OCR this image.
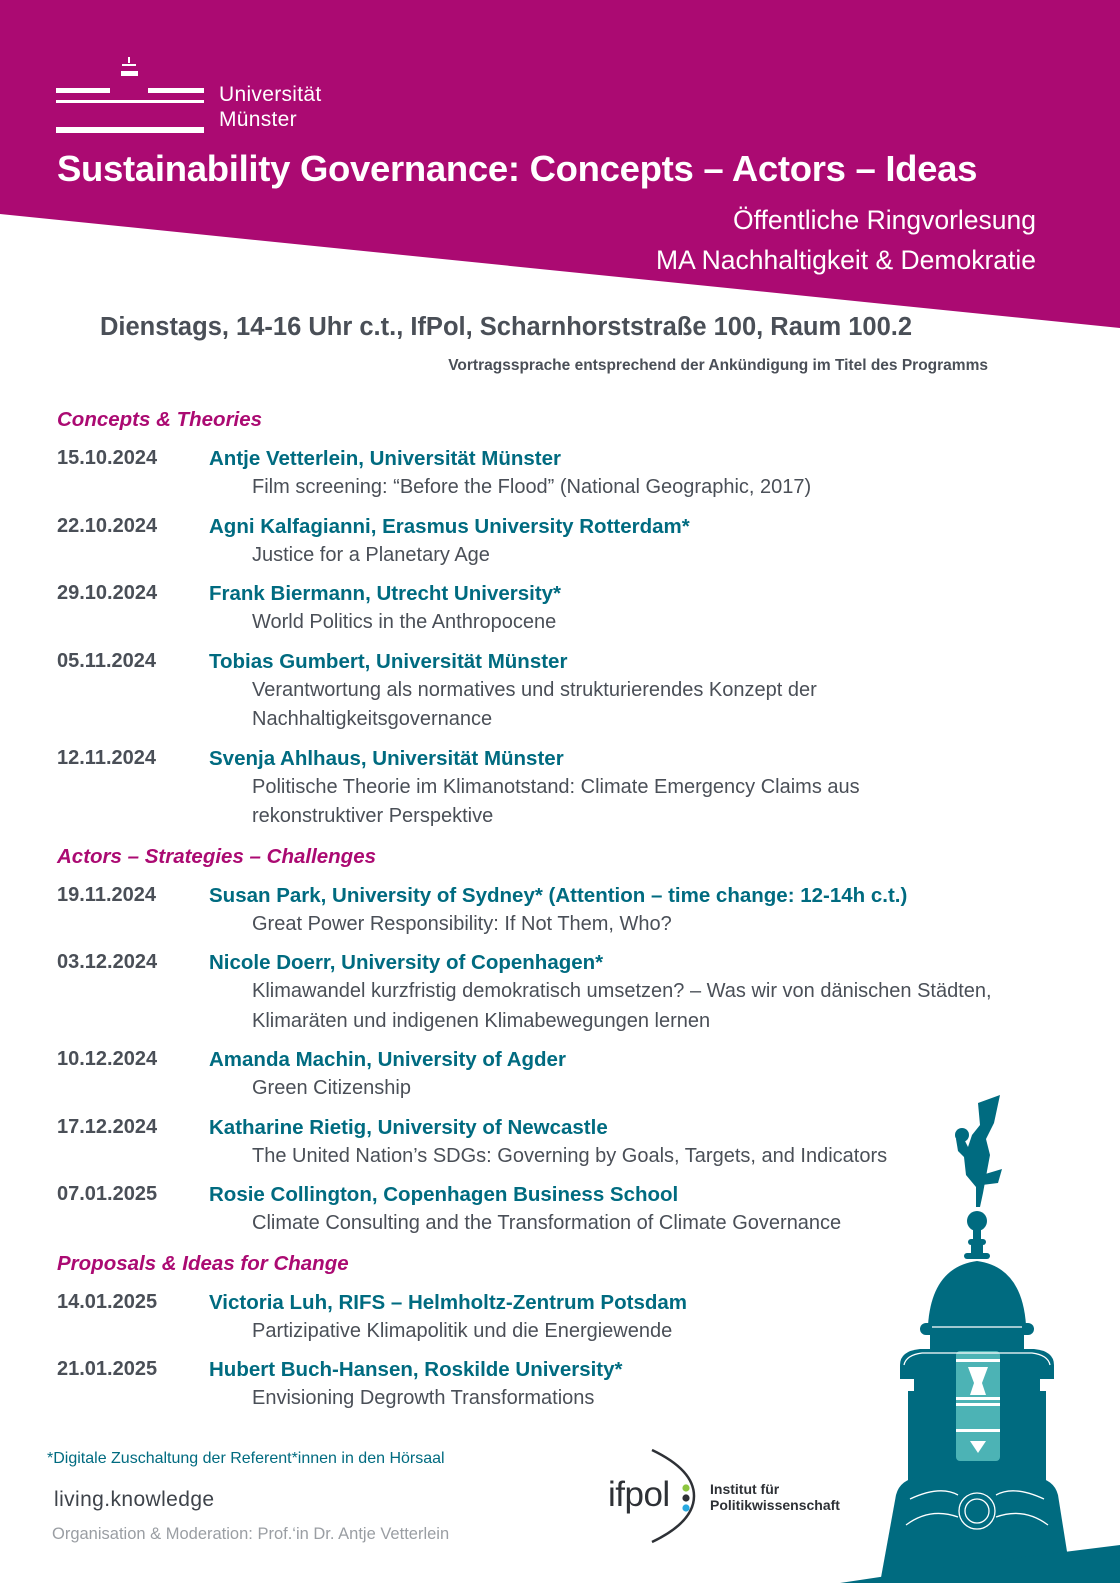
Universität
Münster
Sustainability Governance: Concepts – Actors – Ideas
Öffentliche Ringvorlesung
MA Nachhaltigkeit & Demokratie
Dienstags, 14-16 Uhr c.t., IfPol, Scharnhorststraße 100, Raum 100.2
Vortragssprache entsprechend der Ankündigung im Titel des Programms
Concepts & Theories
15.10.2024	Antje Vetterlein, Universität Münster
Film screening: “Before the Flood” (National Geographic, 2017)
22.10.2024	Agni Kalfagianni, Erasmus University Rotterdam*
Justice for a Planetary Age
29.10.2024	Frank Biermann, Utrecht University*
World Politics in the Anthropocene
05.11.2024	Tobias Gumbert, Universität Münster
Verantwortung als normatives und strukturierendes Konzept der Nachhaltigkeitsgovernance
12.11.2024	Svenja Ahlhaus, Universität Münster
Politische Theorie im Klimanotstand: Climate Emergency Claims aus rekonstruktiver Perspektive
Actors – Strategies – Challenges
19.11.2024	Susan Park, University of Sydney* (Attention – time change: 12-14h c.t.)
Great Power Responsibility: If Not Them, Who?
03.12.2024	Nicole Doerr, University of Copenhagen*
Klimawandel kurzfristig demokratisch umsetzen? – Was wir von dänischen Städten, Klimaräten und indigenen Klimabewegungen lernen
10.12.2024	Amanda Machin, University of Agder
Green Citizenship
17.12.2024	Katharine Rietig, University of Newcastle
The United Nation’s SDGs: Governing by Goals, Targets, and Indicators
07.01.2025	Rosie Collington, Copenhagen Business School
Climate Consulting and the Transformation of Climate Governance
Proposals & Ideas for Change
14.01.2025	Victoria Luh, RIFS – Helmholtz-Zentrum Potsdam
Partizipative Klimapolitik und die Energiewende
21.01.2025	Hubert Buch-Hansen, Roskilde University*
Envisioning Degrowth Transformations
*Digitale Zuschaltung der Referent*innen in den Hörsaal
living.knowledge
Organisation & Moderation: Prof.‘in Dr. Antje Vetterlein
ifpol	Institut für
Politikwissenschaft
